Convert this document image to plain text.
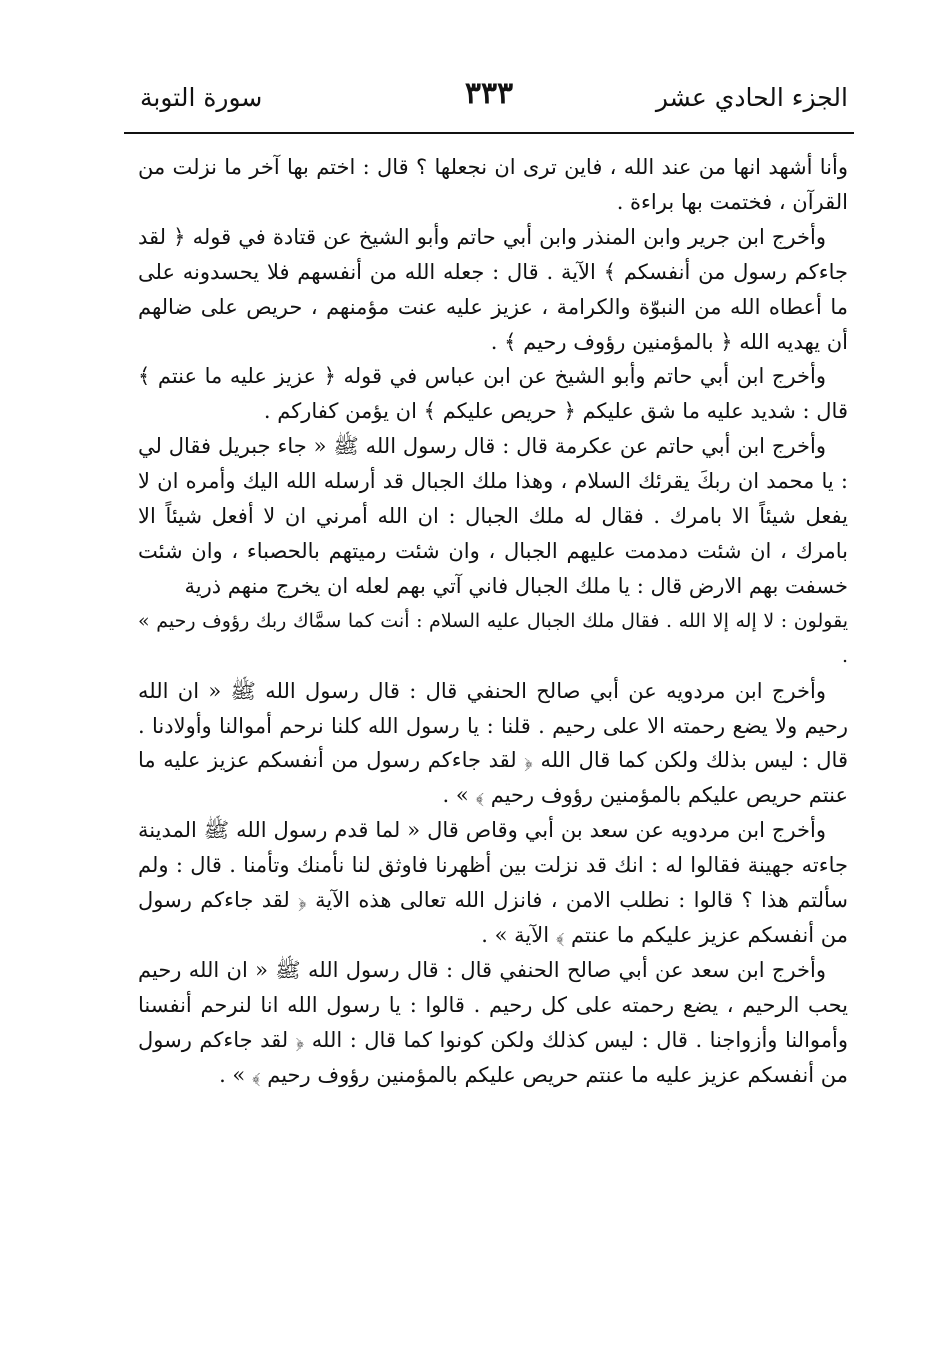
الجزء الحادي عشر
٣٣٣
سورة التوبة

وأنا أشهد انها من عند الله ، فاين ترى ان نجعلها ؟ قال : اختم بها آخر ما نزلت من القرآن ، فختمت بها براءة .

وأخرج ابن جرير وابن المنذر وابن أبي حاتم وأبو الشيخ عن قتادة في قوله ﴿ لقد جاءكم رسول من أنفسكم ﴾ الآية . قال : جعله الله من أنفسهم فلا يحسدونه على ما أعطاه الله من النبوّة والكرامة ، عزيز عليه عنت مؤمنهم ، حريص على ضالهم أن يهديه الله ﴿ بالمؤمنين رؤوف رحيم ﴾ .

وأخرج ابن أبي حاتم وأبو الشيخ عن ابن عباس في قوله ﴿ عزيز عليه ما عنتم ﴾ قال : شديد عليه ما شق عليكم ﴿ حريص عليكم ﴾ ان يؤمن كفاركم .

وأخرج ابن أبي حاتم عن عكرمة قال : قال رسول الله ﷺ « جاء جبريل فقال لي : يا محمد ان ربكَ يقرئك السلام ، وهذا ملك الجبال قد أرسله الله اليك وأمره ان لا يفعل شيئاً الا بامرك . فقال له ملك الجبال : ان الله أمرني ان لا أفعل شيئاً الا بامرك ، ان شئت دمدمت عليهم الجبال ، وان شئت رميتهم بالحصباء ، وان شئت خسفت بهم الارض قال : يا ملك الجبال فاني آتي بهم لعله ان يخرج منهم ذرية

يقولون : لا إله إلا الله . فقال ملك الجبال عليه السلام : أنت كما سمَّاك ربك رؤوف رحيم » .

وأخرج ابن مردويه عن أبي صالح الحنفي قال : قال رسول الله ﷺ « ان الله رحيم ولا يضع رحمته الا على رحيم . قلنا : يا رسول الله كلنا نرحم أموالنا وأولادنا . قال : ليس بذلك ولكن كما قال الله ﴿ لقد جاءكم رسول من أنفسكم عزيز عليه ما عنتم حريص عليكم بالمؤمنين رؤوف رحيم ﴾ » .

وأخرج ابن مردويه عن سعد بن أبي وقاص قال « لما قدم رسول الله ﷺ المدينة جاءته جهينة فقالوا له : انك قد نزلت بين أظهرنا فاوثق لنا نأمنك وتأمنا . قال : ولم سألتم هذا ؟ قالوا : نطلب الامن ، فانزل الله تعالى هذه الآية ﴿ لقد جاءكم رسول من أنفسكم عزيز عليكم ما عنتم ﴾ الآية » .

وأخرج ابن سعد عن أبي صالح الحنفي قال : قال رسول الله ﷺ « ان الله رحيم يحب الرحيم ، يضع رحمته على كل رحيم . قالوا : يا رسول الله انا لنرحم أنفسنا وأموالنا وأزواجنا . قال : ليس كذلك ولكن كونوا كما قال : الله ﴿ لقد جاءكم رسول من أنفسكم عزيز عليه ما عنتم حريص عليكم بالمؤمنين رؤوف رحيم ﴾ » .
